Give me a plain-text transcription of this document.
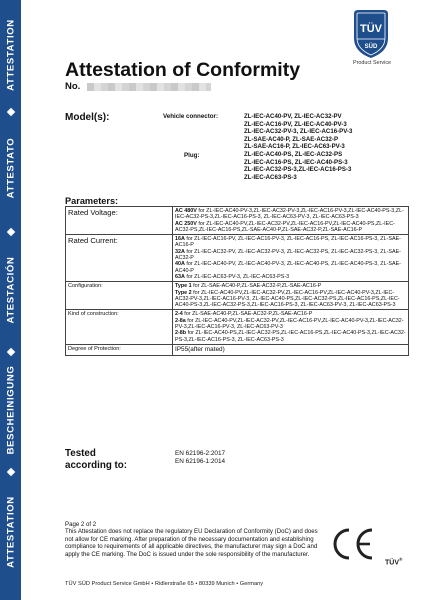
ATTESTATION
ATTESTATO
ATESTACIÓN
BESCHEINIGUNG
ATTESTATION
TÜV
SÜD
Product Service
Attestation of Conformity
No.
Model(s):	Vehicle connector:
Plug:
ZL-IEC-AC40-PV, ZL-IEC-AC32-PV
ZL-IEC-AC16-PV, ZL-IEC-AC40-PV-3
ZL-IEC-AC32-PV-3, ZL-IEC-AC16-PV-3
ZL-SAE-AC40-P, ZL-SAE-AC32-P
ZL-SAE-AC16-P, ZL-IEC-AC63-PV-3
ZL-IEC-AC40-PS, ZL-IEC-AC32-PS
ZL-IEC-AC16-PS, ZL-IEC-AC40-PS-3
ZL-IEC-AC32-PS-3,ZL-IEC-AC16-PS-3
ZL-IEC-AC63-PS-3
Parameters:
Rated Voltage:	AC 480V for ZL-IEC-AC40-PV-3,ZL-IEC-AC32-PV-3,ZL-IEC-AC16-PV-3,ZL-IEC-AC40-PS-3,ZL-IEC-AC32-PS-3,ZL-IEC-AC16-PS-3, ZL-IEC-AC63-PV-3, ZL-IEC-AC63-PS-3
AC 250V for ZL-IEC-AC40-PV,ZL-IEC-AC32-PV,ZL-IEC-AC16-PV,ZL-IEC-AC40-PS,ZL-IEC-AC32-PS,ZL-IEC-AC16-PS,ZL-SAE-AC40-P,ZL-SAE-AC32-P,ZL-SAE-AC16-P

Rated Current:	16A for ZL-IEC-AC16-PV, ZL-IEC-AC16-PV-3, ZL-IEC-AC16-PS, ZL-IEC-AC16-PS-3, ZL-SAE-AC16-P
32A for ZL-IEC-AC32-PV, ZL-IEC-AC32-PV-3, ZL-IEC-AC32-PS, ZL-IEC-AC32-PS-3, ZL-SAE-AC32-P
40A for ZL-IEC-AC40-PV, ZL-IEC-AC40-PV-3, ZL-IEC-AC40-PS, ZL-IEC-AC40-PS-3, ZL-SAE-AC40-P
63A for ZL-IEC-AC63-PV-3, ZL-IEC-AC63-PS-3

Configuration:	Type 1 for ZL-SAE-AC40-P,ZL-SAE-AC32-P,ZL-SAE-AC16-P
Type 2 for ZL-IEC-AC40-PV,ZL-IEC-AC32-PV,ZL-IEC-AC16-PV,ZL-IEC-AC40-PV-3,ZL-IEC-AC32-PV-3,ZL-IEC-AC16-PV-3, ZL-IEC-AC40-PS,ZL-IEC-AC32-PS,ZL-IEC-AC16-PS,ZL-IEC-AC40-PS-3,ZL-IEC-AC32-PS-3,ZL-IEC-AC16-PS-3, ZL-IEC-AC63-PV-3, ZL-IEC-AC63-PS-3

Kind of construction:	2-4 for ZL-SAE-AC40-P,ZL-SAE-AC32-P,ZL-SAE-AC16-P
2-8a for ZL-IEC-AC40-PV,ZL-IEC-AC32-PV,ZL-IEC-AC16-PV,ZL-IEC-AC40-PV-3,ZL-IEC-AC32-PV-3,ZL-IEC-AC16-PV-3, ZL-IEC-AC63-PV-3
2-8b for ZL-IEC-AC40-PS,ZL-IEC-AC32-PS,ZL-IEC-AC16-PS,ZL-IEC-AC40-PS-3,ZL-IEC-AC32-PS-3,ZL-IEC-AC16-PS-3, ZL-IEC-AC63-PS-3

Degree of Protection:	IP55(after mated)
Tested
according to:
EN 62196-2:2017
EN 62196-1:2014
Page 2 of 2
This Attestation does not replace the regulatory EU Declaration of Conformity (DoC) and does not allow for CE marking. After preparation of the necessary documentation and establishing compliance to requirements of all applicable directives, the manufacturer may sign a DoC and apply the CE marking. The DoC is issued under the sole responsibility of the manufacturer.
TÜV®
TÜV SÜD Product Service GmbH • Ridlerstraße 65 • 80339 Munich • Germany
